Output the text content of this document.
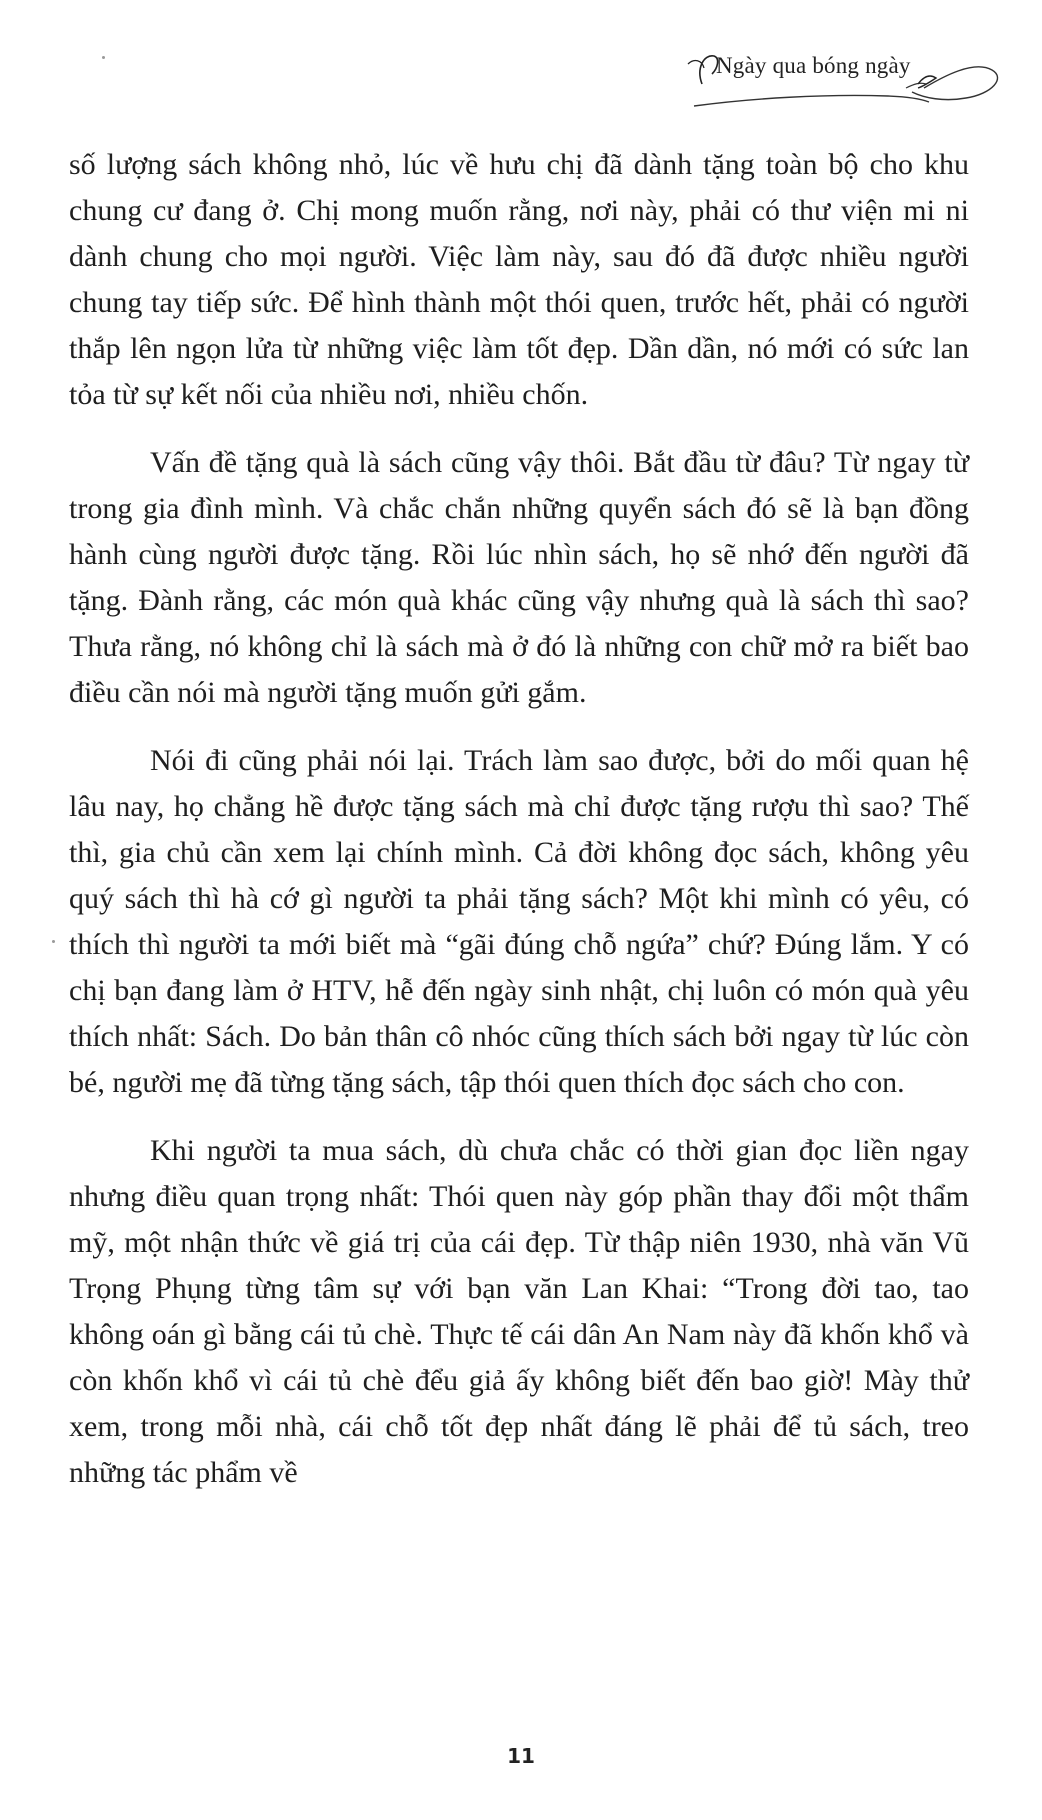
Ngày qua bóng ngày

số lượng sách không nhỏ, lúc về hưu chị đã dành tặng toàn bộ cho khu chung cư đang ở. Chị mong muốn rằng, nơi này, phải có thư viện mi ni dành chung cho mọi người. Việc làm này, sau đó đã được nhiều người chung tay tiếp sức. Để hình thành một thói quen, trước hết, phải có người thắp lên ngọn lửa từ những việc làm tốt đẹp. Dần dần, nó mới có sức lan tỏa từ sự kết nối của nhiều nơi, nhiều chốn.

Vấn đề tặng quà là sách cũng vậy thôi. Bắt đầu từ đâu? Từ ngay từ trong gia đình mình. Và chắc chắn những quyển sách đó sẽ là bạn đồng hành cùng người được tặng. Rồi lúc nhìn sách, họ sẽ nhớ đến người đã tặng. Đành rằng, các món quà khác cũng vậy nhưng quà là sách thì sao? Thưa rằng, nó không chỉ là sách mà ở đó là những con chữ mở ra biết bao điều cần nói mà người tặng muốn gửi gắm.

Nói đi cũng phải nói lại. Trách làm sao được, bởi do mối quan hệ lâu nay, họ chẳng hề được tặng sách mà chỉ được tặng rượu thì sao? Thế thì, gia chủ cần xem lại chính mình. Cả đời không đọc sách, không yêu quý sách thì hà cớ gì người ta phải tặng sách? Một khi mình có yêu, có thích thì người ta mới biết mà “gãi đúng chỗ ngứa” chứ? Đúng lắm. Y có chị bạn đang làm ở HTV, hễ đến ngày sinh nhật, chị luôn có món quà yêu thích nhất: Sách. Do bản thân cô nhóc cũng thích sách bởi ngay từ lúc còn bé, người mẹ đã từng tặng sách, tập thói quen thích đọc sách cho con.

Khi người ta mua sách, dù chưa chắc có thời gian đọc liền ngay nhưng điều quan trọng nhất: Thói quen này góp phần thay đổi một thẩm mỹ, một nhận thức về giá trị của cái đẹp. Từ thập niên 1930, nhà văn Vũ Trọng Phụng từng tâm sự với bạn văn Lan Khai: “Trong đời tao, tao không oán gì bằng cái tủ chè. Thực tế cái dân An Nam này đã khốn khổ và còn khốn khổ vì cái tủ chè đểu giả ấy không biết đến bao giờ! Mày thử xem, trong mỗi nhà, cái chỗ tốt đẹp nhất đáng lẽ phải để tủ sách, treo những tác phẩm về

11
